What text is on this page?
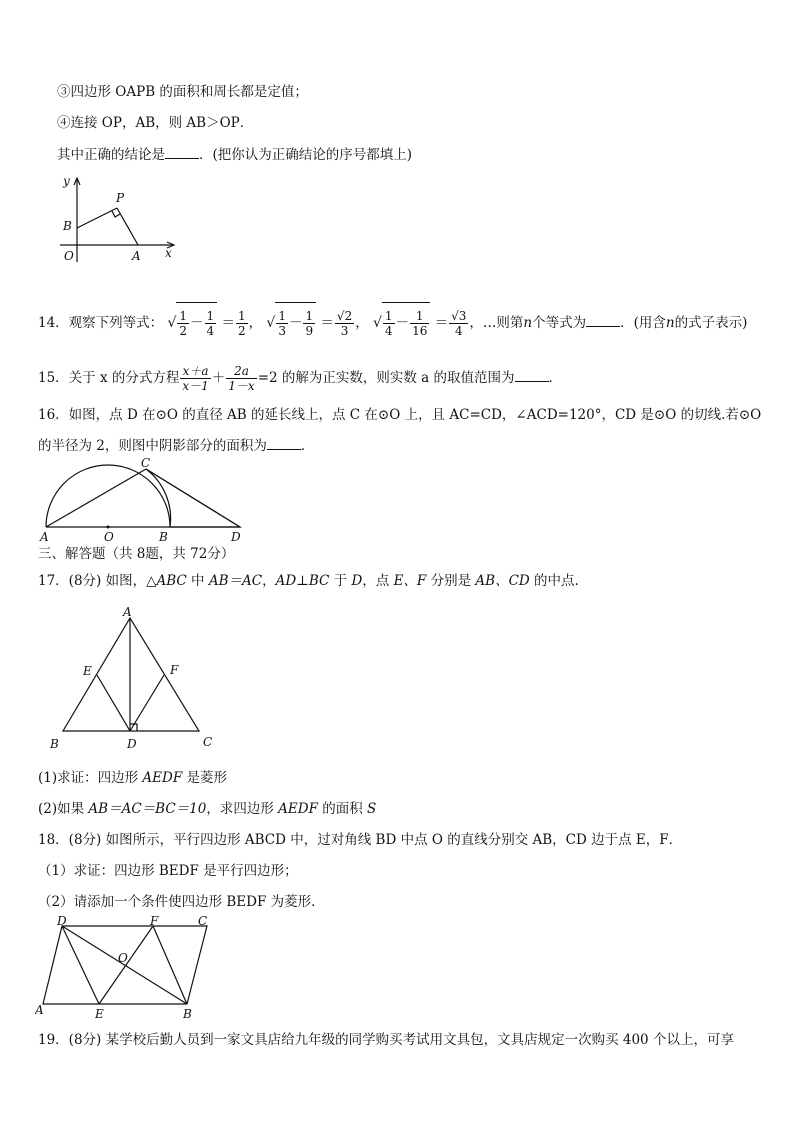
③四边形 OAPB 的面积和周长都是定值；
④连接 OP，AB，则 AB＞OP．
其中正确的结论是	．(把你认为正确结论的序号都填上)
y
x
P
B
O	A
14．观察下列等式： √ $\frac{1}{2} - \frac{1}{4} = \frac{1}{2}$ ， √ $\frac{1}{3} - \frac{1}{9} = \frac{√2}{3}$ ， √ $\frac{1}{4} - \frac{1}{16} = \frac{√3}{4}$ ，…则第n个等式为	．(用含n的式子表示)
15．关于 x 的分式方程 $\frac{x+a}{x-1} + \frac{2a}{1-x} =2$ 的解为正实数，则实数 a 的取值范围为	．
16．如图，点 D 在⊙O 的直径 AB 的延长线上，点 C 在⊙O 上，且 AC=CD，∠ACD=120°，CD 是⊙O 的切线.若⊙O
的半径为 2，则图中阴影部分的面积为	．
C
A	O	B	D
三、解答题（共 8题，共 72分）
17．(8分) 如图，△ABC 中 AB＝AC，AD⊥BC 于 D，点 E、F 分别是 AB、CD 的中点.
A
E	F
B	D	C
(1)求证：四边形 AEDF 是菱形
(2)如果 AB＝AC＝BC＝10，求四边形 AEDF 的面积 S
18．(8分) 如图所示，平行四边形 ABCD 中，过对角线 BD 中点 O 的直线分别交 AB，CD 边于点 E，F．
（1）求证：四边形 BEDF 是平行四边形；
（2）请添加一个条件使四边形 BEDF 为菱形．
D	F	C
O
A	E	B
19．(8分) 某学校后勤人员到一家文具店给九年级的同学购买考试用文具包，文具店规定一次购买 400 个以上，可享
